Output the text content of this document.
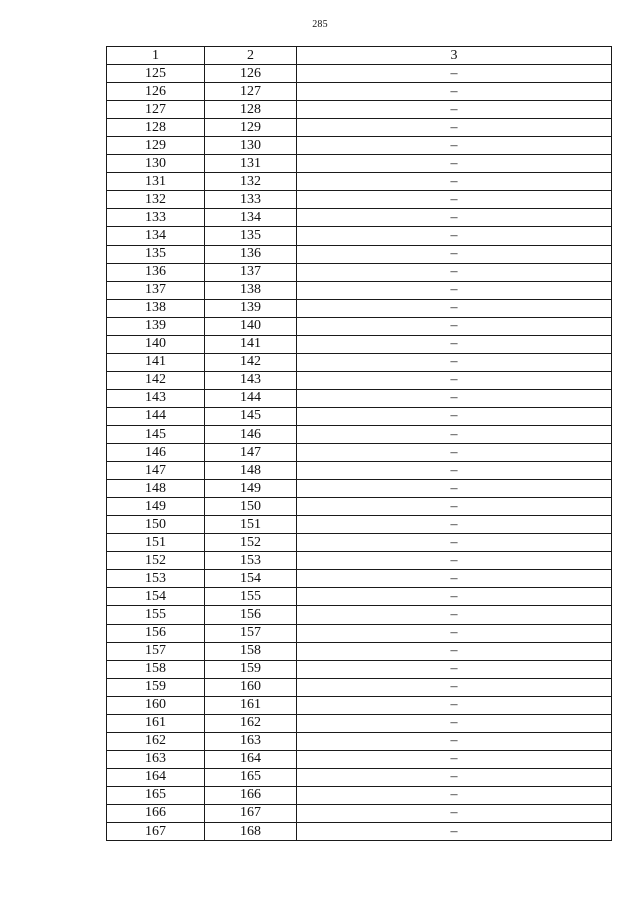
285
1	2	3
125	126	–
126	127	–
127	128	–
128	129	–
129	130	–
130	131	–
131	132	–
132	133	–
133	134	–
134	135	–
135	136	–
136	137	–
137	138	–
138	139	–
139	140	–
140	141	–
141	142	–
142	143	–
143	144	–
144	145	–
145	146	–
146	147	–
147	148	–
148	149	–
149	150	–
150	151	–
151	152	–
152	153	–
153	154	–
154	155	–
155	156	–
156	157	–
157	158	–
158	159	–
159	160	–
160	161	–
161	162	–
162	163	–
163	164	–
164	165	–
165	166	–
166	167	–
167	168	–
